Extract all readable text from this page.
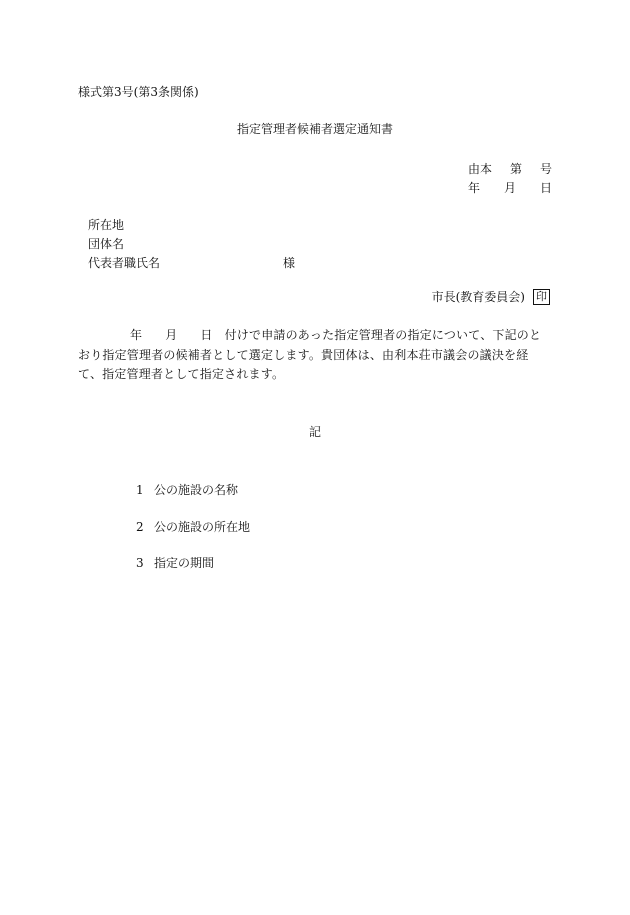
様式第3号(第3条関係)
指定管理者候補者選定通知書
由本 第 号
年 月 日
所在地
団体名
代表者職氏名	様
市長(教育委員会) 印
年 月 日 付けで申請のあった指定管理者の指定について、下記のとおり指定管理者の候補者として選定します。貴団体は、由利本荘市議会の議決を経て、指定管理者として指定されます。
記
1 公の施設の名称
2 公の施設の所在地
3 指定の期間
